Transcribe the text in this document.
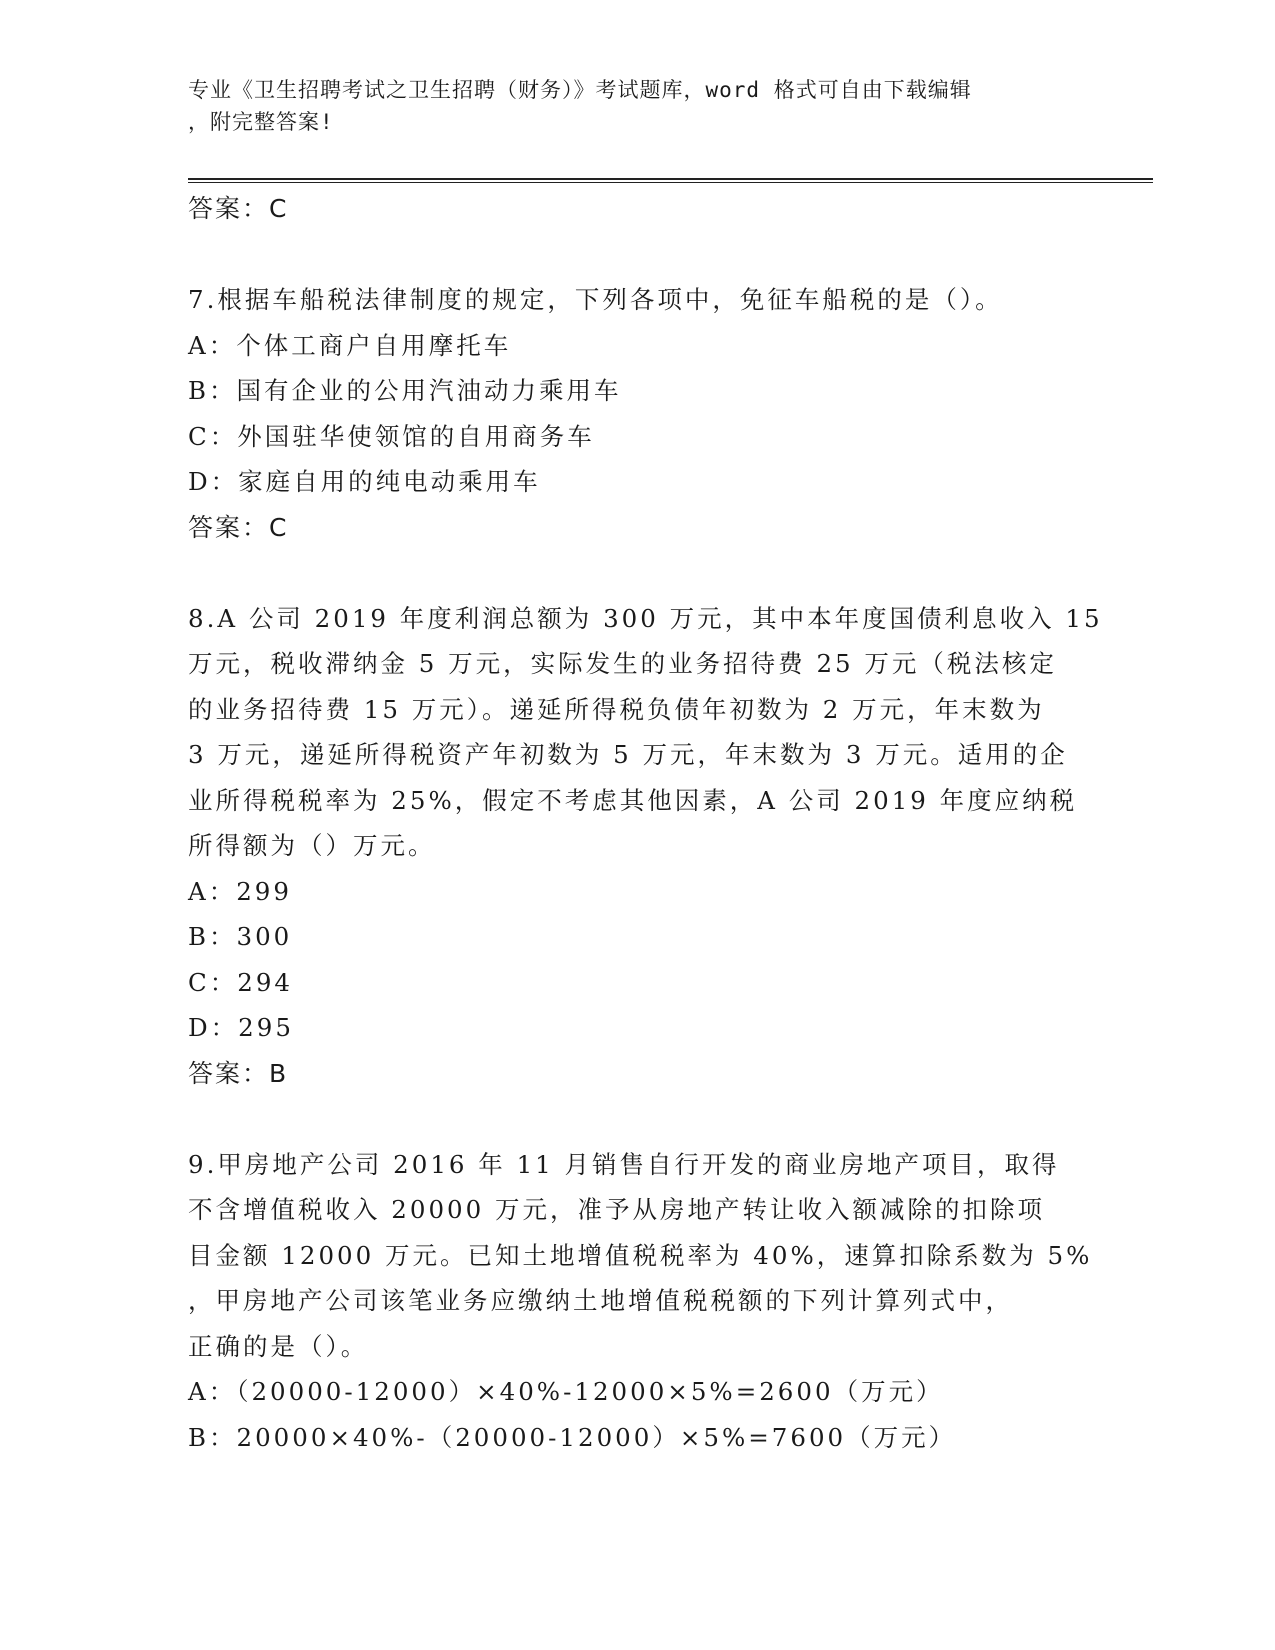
专业《卫生招聘考试之卫生招聘（财务）》考试题库，word 格式可自由下载编辑
，附完整答案!
答案：C
7.根据车船税法律制度的规定，下列各项中，免征车船税的是（）。
A：个体工商户自用摩托车
B：国有企业的公用汽油动力乘用车
C：外国驻华使领馆的自用商务车
D：家庭自用的纯电动乘用车
答案：C
8.A 公司 2019 年度利润总额为 300 万元，其中本年度国债利息收入 15
万元，税收滞纳金 5 万元，实际发生的业务招待费 25 万元（税法核定
的业务招待费 15 万元）。递延所得税负债年初数为 2 万元，年末数为
3 万元，递延所得税资产年初数为 5 万元，年末数为 3 万元。适用的企
业所得税税率为 25%，假定不考虑其他因素，A 公司 2019 年度应纳税
所得额为（）万元。
A：299
B：300
C：294
D：295
答案：B
9.甲房地产公司 2016 年 11 月销售自行开发的商业房地产项目，取得
不含增值税收入 20000 万元，准予从房地产转让收入额减除的扣除项
目金额 12000 万元。已知土地增值税税率为 40%，速算扣除系数为 5%
，甲房地产公司该笔业务应缴纳土地增值税税额的下列计算列式中，
正确的是（）。
A：（20000-12000）×40%-12000×5%=2600（万元）
B：20000×40%-（20000-12000）×5%=7600（万元）
